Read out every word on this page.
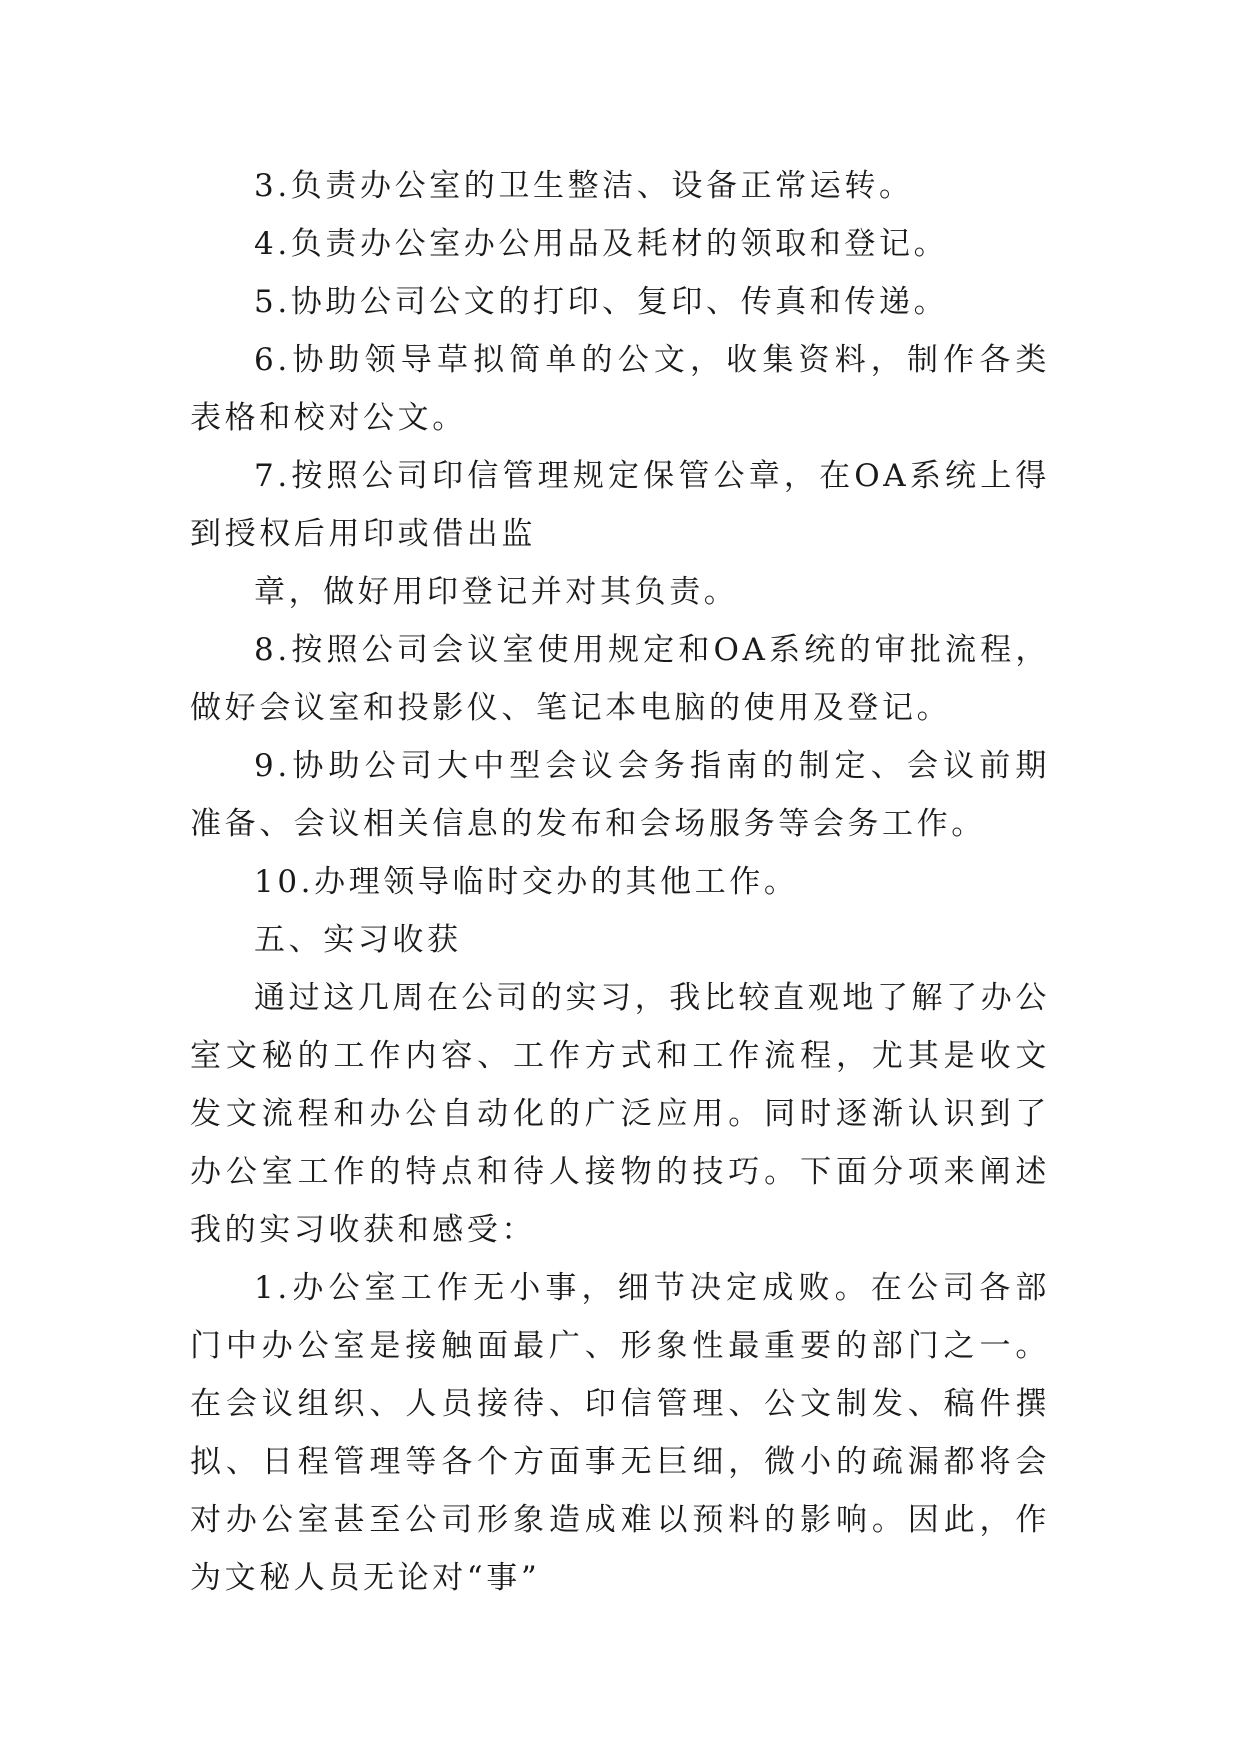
3.负责办公室的卫生整洁、设备正常运转。

4.负责办公室办公用品及耗材的领取和登记。

5.协助公司公文的打印、复印、传真和传递。

6.协助领导草拟简单的公文，收集资料，制作各类表格和校对公文。

7.按照公司印信管理规定保管公章，在OA系统上得到授权后用印或借出监

章，做好用印登记并对其负责。

8.按照公司会议室使用规定和OA系统的审批流程，做好会议室和投影仪、笔记本电脑的使用及登记。

9.协助公司大中型会议会务指南的制定、会议前期准备、会议相关信息的发布和会场服务等会务工作。

10.办理领导临时交办的其他工作。

五、实习收获

通过这几周在公司的实习，我比较直观地了解了办公室文秘的工作内容、工作方式和工作流程，尤其是收文发文流程和办公自动化的广泛应用。同时逐渐认识到了办公室工作的特点和待人接物的技巧。下面分项来阐述我的实习收获和感受：

1.办公室工作无小事，细节决定成败。在公司各部门中办公室是接触面最广、形象性最重要的部门之一。在会议组织、人员接待、印信管理、公文制发、稿件撰拟、日程管理等各个方面事无巨细，微小的疏漏都将会对办公室甚至公司形象造成难以预料的影响。因此，作为文秘人员无论对“事”
